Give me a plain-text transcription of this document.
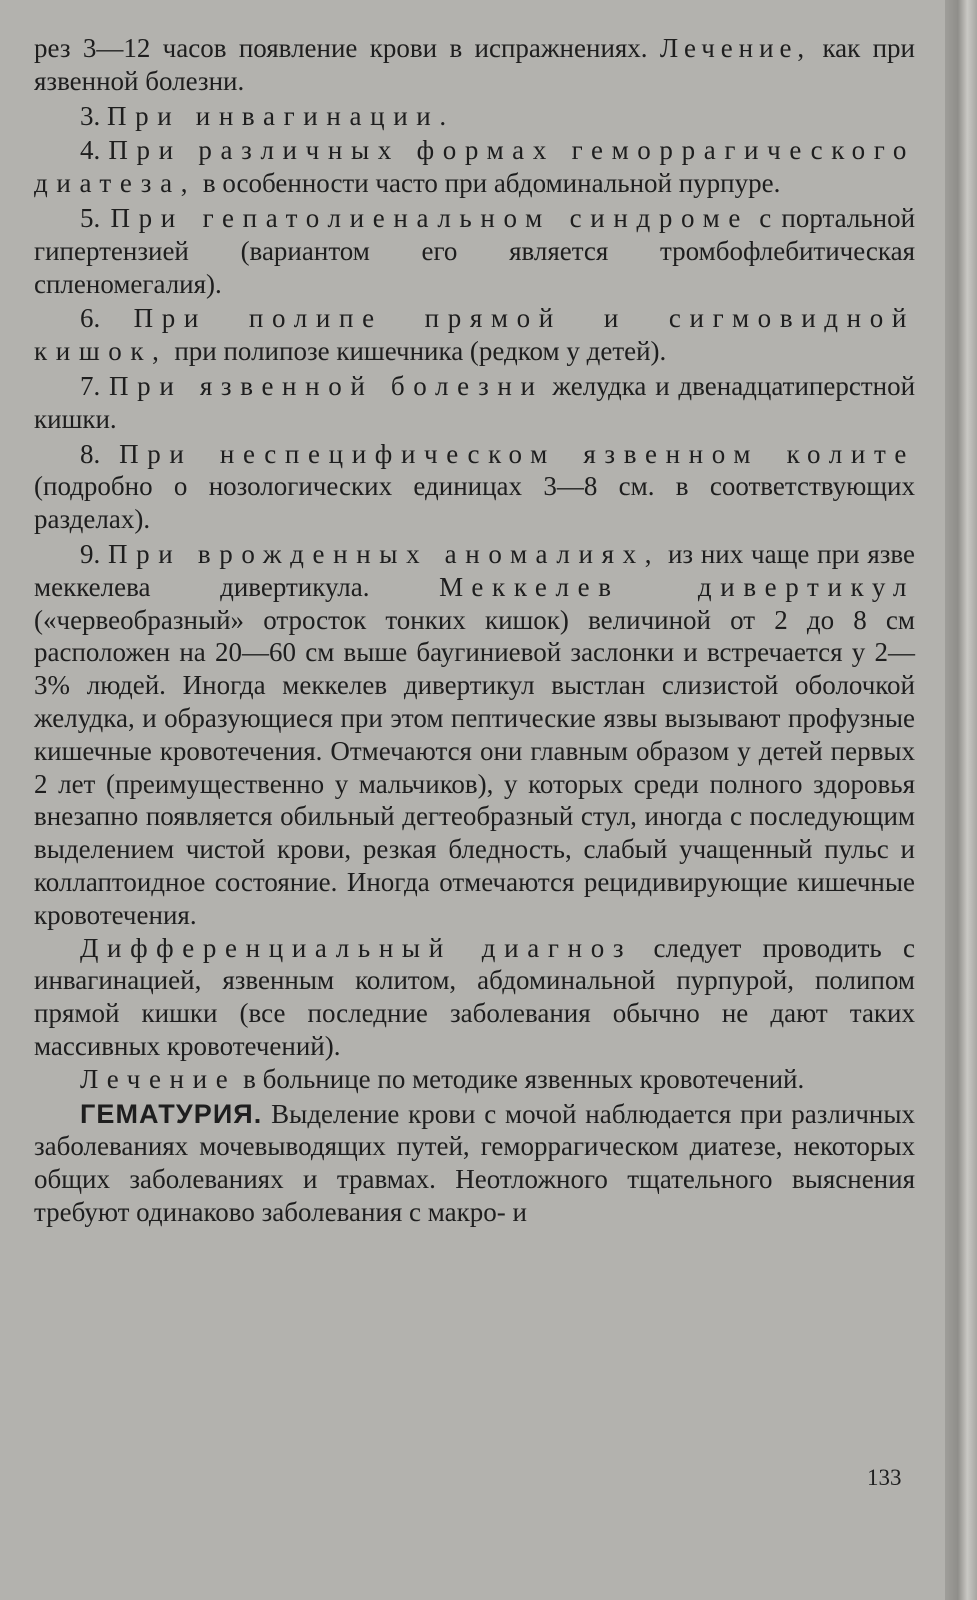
рез 3—12 часов появление крови в испражнениях. Лечение, как при язвенной болезни.

3. При инвагинации.

4. При различных формах геморрагического диатеза, в особенности часто при абдоминальной пурпуре.

5. При гепатолиенальном синдроме с портальной гипертензией (вариантом его является тромбофлебитическая спленомегалия).

6. При полипе прямой и сигмовидной кишок, при полипозе кишечника (редком у детей).

7. При язвенной болезни желудка и двенадцатиперстной кишки.

8. При неспецифическом язвенном колите (подробно о нозологических единицах 3—8 см. в соответствующих разделах).

9. При врожденных аномалиях, из них чаще при язве меккелева дивертикула.	Меккелев дивертикул («червеобразный» отросток тонких кишок) величиной от 2 до 8 см расположен на 20—60 см выше баугиниевой заслонки и встречается у 2—3% людей. Иногда меккелев дивертикул выстлан слизистой оболочкой желудка, и образующиеся при этом пептические язвы вызывают профузные кишечные кровотечения. Отмечаются они главным образом у детей первых 2 лет (преимущественно у мальчиков), у которых среди полного здоровья внезапно появляется обильный дегтеобразный стул, иногда с последующим выделением чистой крови, резкая бледность, слабый учащенный пульс и коллаптоидное состояние. Иногда отмечаются рецидивирующие кишечные кровотечения.

Дифференциальный диагноз следует проводить с инвагинацией, язвенным колитом, абдоминальной пурпурой, полипом прямой кишки (все последние заболевания обычно не дают таких массивных кровотечений).

Лечение в больнице по методике язвенных кровотечений.

ГЕМАТУРИЯ. Выделение крови с мочой наблюдается при различных заболеваниях мочевыводящих путей, геморрагическом диатезе, некоторых общих заболеваниях и травмах. Неотложного тщательного выяснения требуют одинаково заболевания с макро- и

133
